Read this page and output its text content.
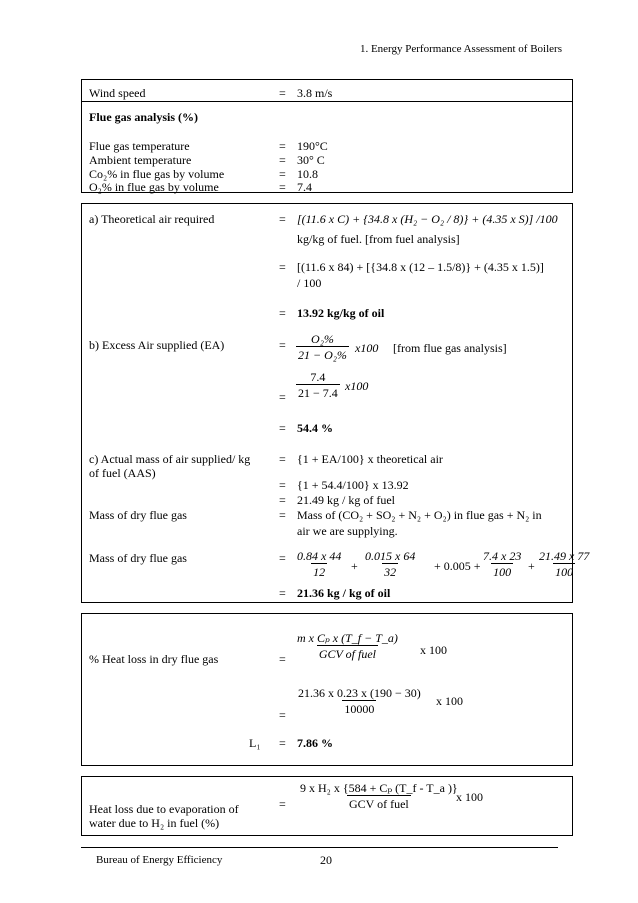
1. Energy Performance Assessment of Boilers
Wind speed	= 3.8 m/s
Flue gas analysis (%)
Flue gas temperature	= 190°C
Ambient temperature	= 30° C
Co₂% in flue gas by volume	= 10.8
O₂% in flue gas by volume	= 7.4
a) Theoretical air required	= [(11.6 x C) + {34.8 x (H₂ − O₂ / 8)} + (4.35 x S)] /100
kg/kg of fuel. [from fuel analysis]
= [(11.6 x 84) + [{34.8 x (12 – 1.5/8)} + (4.35 x 1.5)]
/ 100
= 13.92 kg/kg of oil
b) Excess Air supplied (EA)	= $\frac{\text{O₂\%}}{\text{21 − O₂\%}} x100$ [from flue gas analysis]
= $\frac{7.4}{21 - 7.4} x100$
= 54.4 %
c) Actual mass of air supplied/ kg
of fuel (AAS)
= {1 + EA/100} x theoretical air
= {1 + 54.4/100} x 13.92
= 21.49 kg / kg of fuel
Mass of dry flue gas	= Mass of (CO₂ + SO₂ + N₂ + O₂) in flue gas + N₂ in
air we are supplying.
Mass of dry flue gas	= $\frac{0.84 x 44}{12} + \frac{0.015 x 64}{32} + 0.005 + \frac{7.4 x 23}{100} + \frac{21.49 x 77}{100}$
= 21.36 kg / kg of oil
% Heat loss in dry flue gas	=
m x Cₚ x (T_f − T_a)
GCV of fuel	x 100
= $\frac{21.36 x 0.23 x (190 - 30)}{10000}$ x 100
L₁ = 7.86 %
Heat loss due to evaporation of
water due to H₂ in fuel (%)
=
9 x H₂ x {584 + Cₚ (T_f - T_a )}
GCV of fuel	x 100
Bureau of Energy Efficiency	20
